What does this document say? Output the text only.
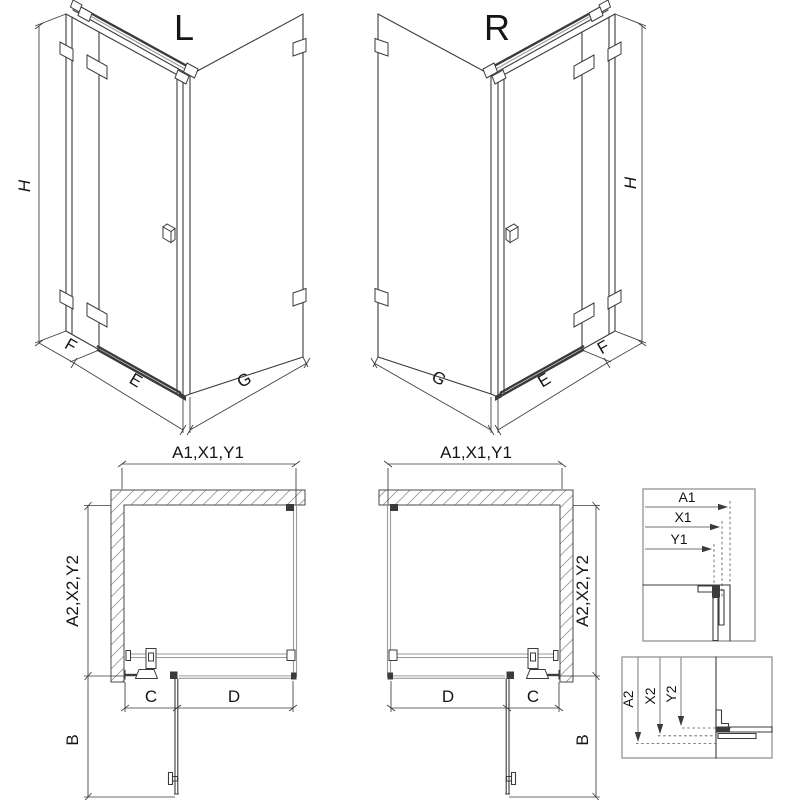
L
H
F
E	G
R
H
G	E
F
A1,X1,Y1
A2,X2,Y2
C	D
B
A1,X1,Y1
A2,X2,Y2
D	C
B
A1
X1
Y1
A2 X2 Y2
